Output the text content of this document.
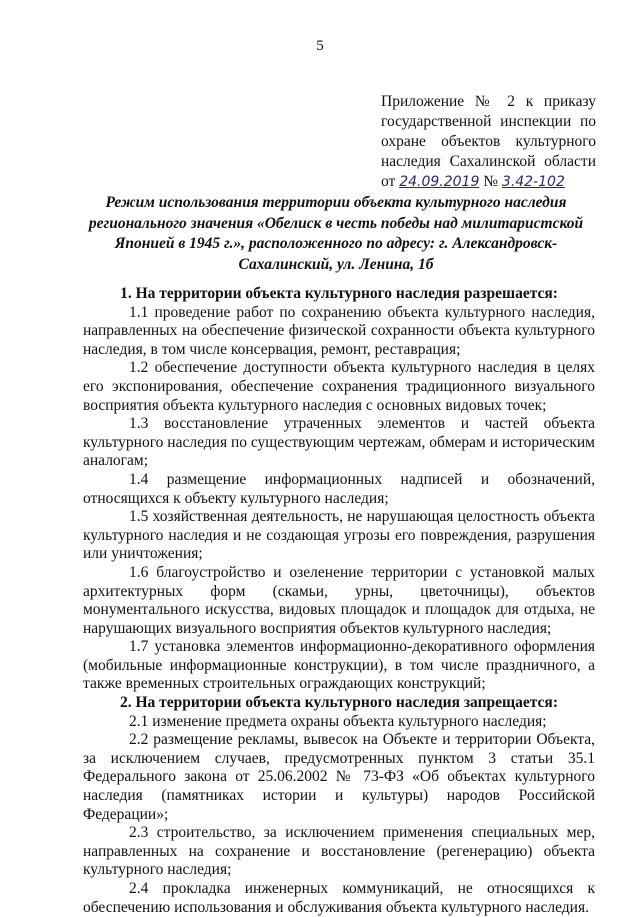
5
Приложение № 2 к приказу
государственной инспекции по
охране объектов культурного
наследия Сахалинской области
от 24.09.2019 № 3.42-102
Режим использования территории объекта культурного наследия регионального значения «Обелиск в честь победы над милитаристской Японией в 1945 г.», расположенного по адресу: г. Александровск-Сахалинский, ул. Ленина, 1б

1. На территории объекта культурного наследия разрешается:

1.1 проведение работ по сохранению объекта культурного наследия, направленных на обеспечение физической сохранности объекта культурного наследия, в том числе консервация, ремонт, реставрация;

1.2 обеспечение доступности объекта культурного наследия в целях его экспонирования, обеспечение сохранения традиционного визуального восприятия объекта культурного наследия с основных видовых точек;

1.3 восстановление утраченных элементов и частей объекта культурного наследия по существующим чертежам, обмерам и историческим аналогам;

1.4 размещение информационных надписей и обозначений, относящихся к объекту культурного наследия;

1.5 хозяйственная деятельность, не нарушающая целостность объекта культурного наследия и не создающая угрозы его повреждения, разрушения или уничтожения;

1.6 благоустройство и озеленение территории с установкой малых архитектурных форм (скамьи, урны, цветочницы), объектов монументального искусства, видовых площадок и площадок для отдыха, не нарушающих визуального восприятия объектов культурного наследия;

1.7 установка элементов информационно-декоративного оформления (мобильные информационные конструкции), в том числе праздничного, а также временных строительных ограждающих конструкций;

2. На территории объекта культурного наследия запрещается:

2.1 изменение предмета охраны объекта культурного наследия;

2.2 размещение рекламы, вывесок на Объекте и территории Объекта, за исключением случаев, предусмотренных пунктом 3 статьи 35.1 Федерального закона от 25.06.2002 № 73-ФЗ «Об объектах культурного наследия (памятниках истории и культуры) народов Российской Федерации»;

2.3 строительство, за исключением применения специальных мер, направленных на сохранение и восстановление (регенерацию) объекта культурного наследия;

2.4 прокладка инженерных коммуникаций, не относящихся к обеспечению использования и обслуживания объекта культурного наследия.
